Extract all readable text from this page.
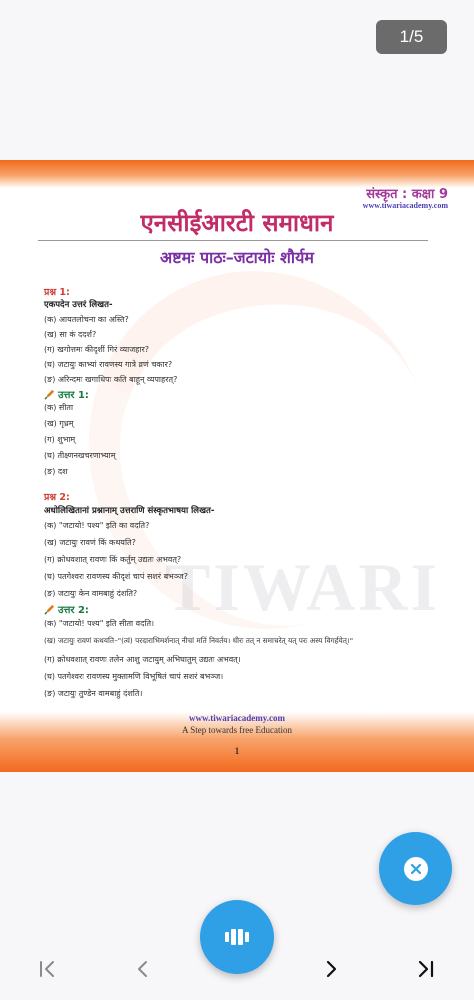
1/5
TIWARI
संस्कृत : कक्षा 9
www.tiwariacademy.com
एनसीईआरटी समाधान
अष्टमः पाठः–जटायोः शौर्यम
प्रश्न 1:
एकपदेन उत्तरं लिखत-
(क) आयतलोचना का अस्ति?
(ख) सा कं ददर्श?
(ग) खगोत्तमः कीदृशीं गिरं व्याजहार?
(घ) जटायुः काभ्यां रावणस्य गात्रे व्रणं चकार?
(ङ) अरिन्दमः खगाधिपः कति बाहून् व्यपाहरत्?
उत्तर 1:
(क) सीता
(ख) गृध्रम्
(ग) शुभाम्
(घ) तीक्ष्णनखचरणाभ्याम्
(ङ) दश
प्रश्न 2:
अधोलिखितानां प्रश्नानाम् उत्तराणि संस्कृतभाषया लिखत-
(क) "जटायो! पश्य" इति का वदति?
(ख) जटायुः रावणं किं कथयति?
(ग) क्रोधवशात् रावणः किं कर्तुम् उद्यतः अभवत्?
(घ) पतगेश्वरः रावणस्य कीदृशं चापं सशरं बभञ्ज?
(ङ) जटायुः केन वामबाहुं दंशति?
उत्तर 2:
(क) "जटायो! पश्य" इति सीता वदति।
(ख) जटायुः रावणं कथयति–"(त्वं) परदाराभिमर्शनात् नीचां मतिं निवर्तय। धीरः तत् न समाचरेत् यत् परः अस्य विगर्हयेत्।"
(ग) क्रोधवशात् रावणः तलेन आशु जटायुम् अभिघातुम् उद्यतः अभवत्।
(घ) पतगेश्वरः रावणस्य मुक्तामणि विभूषितं चापं सशरं बभञ्ज।
(ङ) जटायुः तुण्डेन वामबाहुं दंशति।
www.tiwariacademy.com
A Step towards free Education
1
